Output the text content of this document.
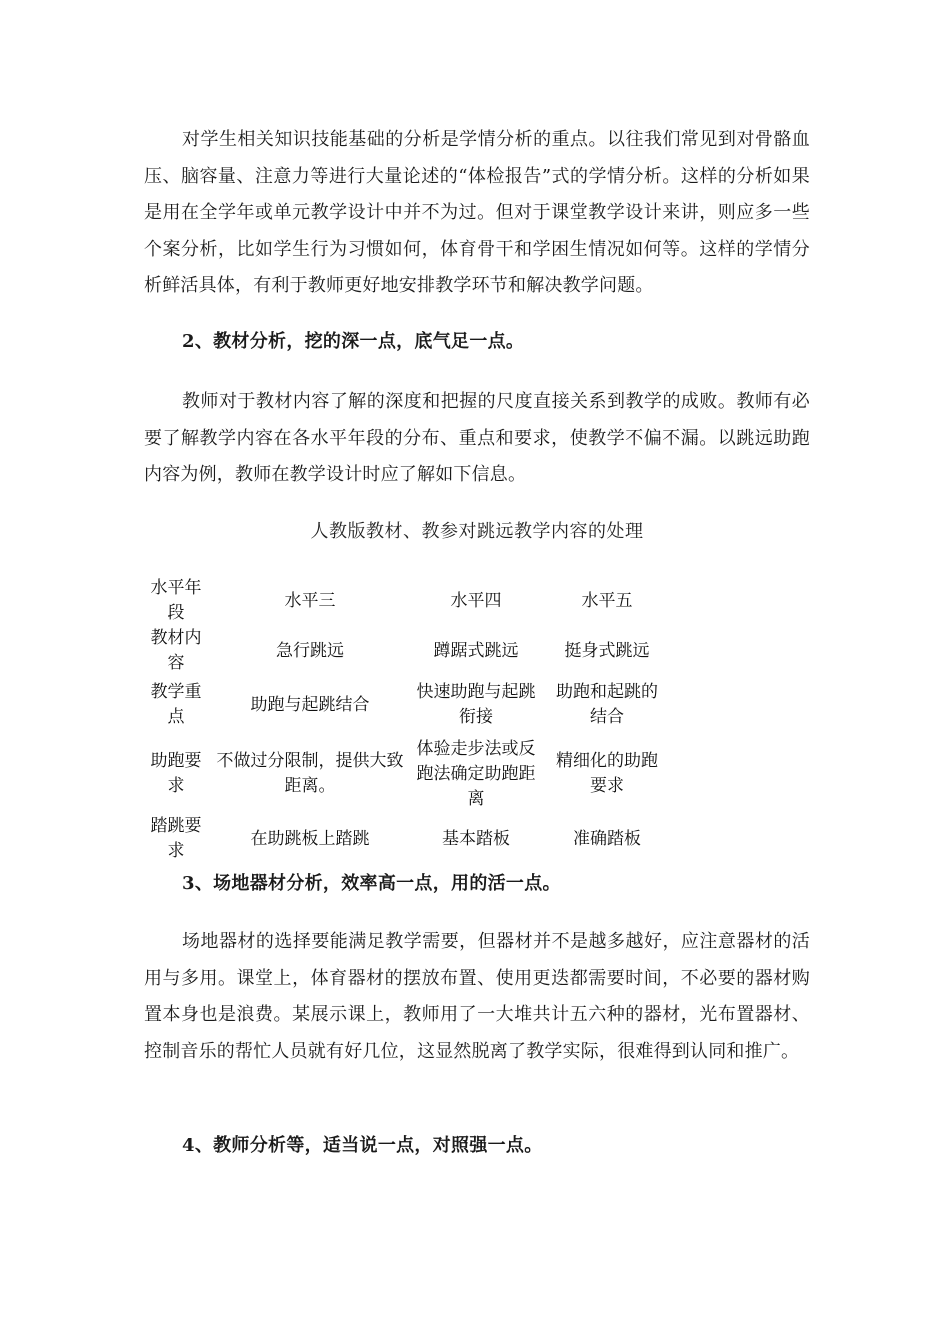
对学生相关知识技能基础的分析是学情分析的重点。以往我们常见到对骨骼血压、脑容量、注意力等进行大量论述的“体检报告”式的学情分析。这样的分析如果是用在全学年或单元教学设计中并不为过。但对于课堂教学设计来讲，则应多一些个案分析，比如学生行为习惯如何，体育骨干和学困生情况如何等。这样的学情分析鲜活具体，有利于教师更好地安排教学环节和解决教学问题。

2、教材分析，挖的深一点，底气足一点。

教师对于教材内容了解的深度和把握的尺度直接关系到教学的成败。教师有必要了解教学内容在各水平年段的分布、重点和要求，使教学不偏不漏。以跳远助跑内容为例，教师在教学设计时应了解如下信息。

人教版教材、教参对跳远教学内容的处理

水平年段	水平三	水平四	水平五
教材内容	急行跳远	蹲踞式跳远	挺身式跳远
教学重点	助跑与起跳结合	快速助跑与起跳衔接	助跑和起跳的结合
助跑要求	不做过分限制，提供大致距离。	体验走步法或反跑法确定助跑距离	精细化的助跑要求
踏跳要求	在助跳板上踏跳	基本踏板	准确踏板

3、场地器材分析，效率高一点，用的活一点。

场地器材的选择要能满足教学需要，但器材并不是越多越好，应注意器材的活用与多用。课堂上，体育器材的摆放布置、使用更迭都需要时间，不必要的器材购置本身也是浪费。某展示课上，教师用了一大堆共计五六种的器材，光布置器材、控制音乐的帮忙人员就有好几位，这显然脱离了教学实际，很难得到认同和推广。

4、教师分析等，适当说一点，对照强一点。
